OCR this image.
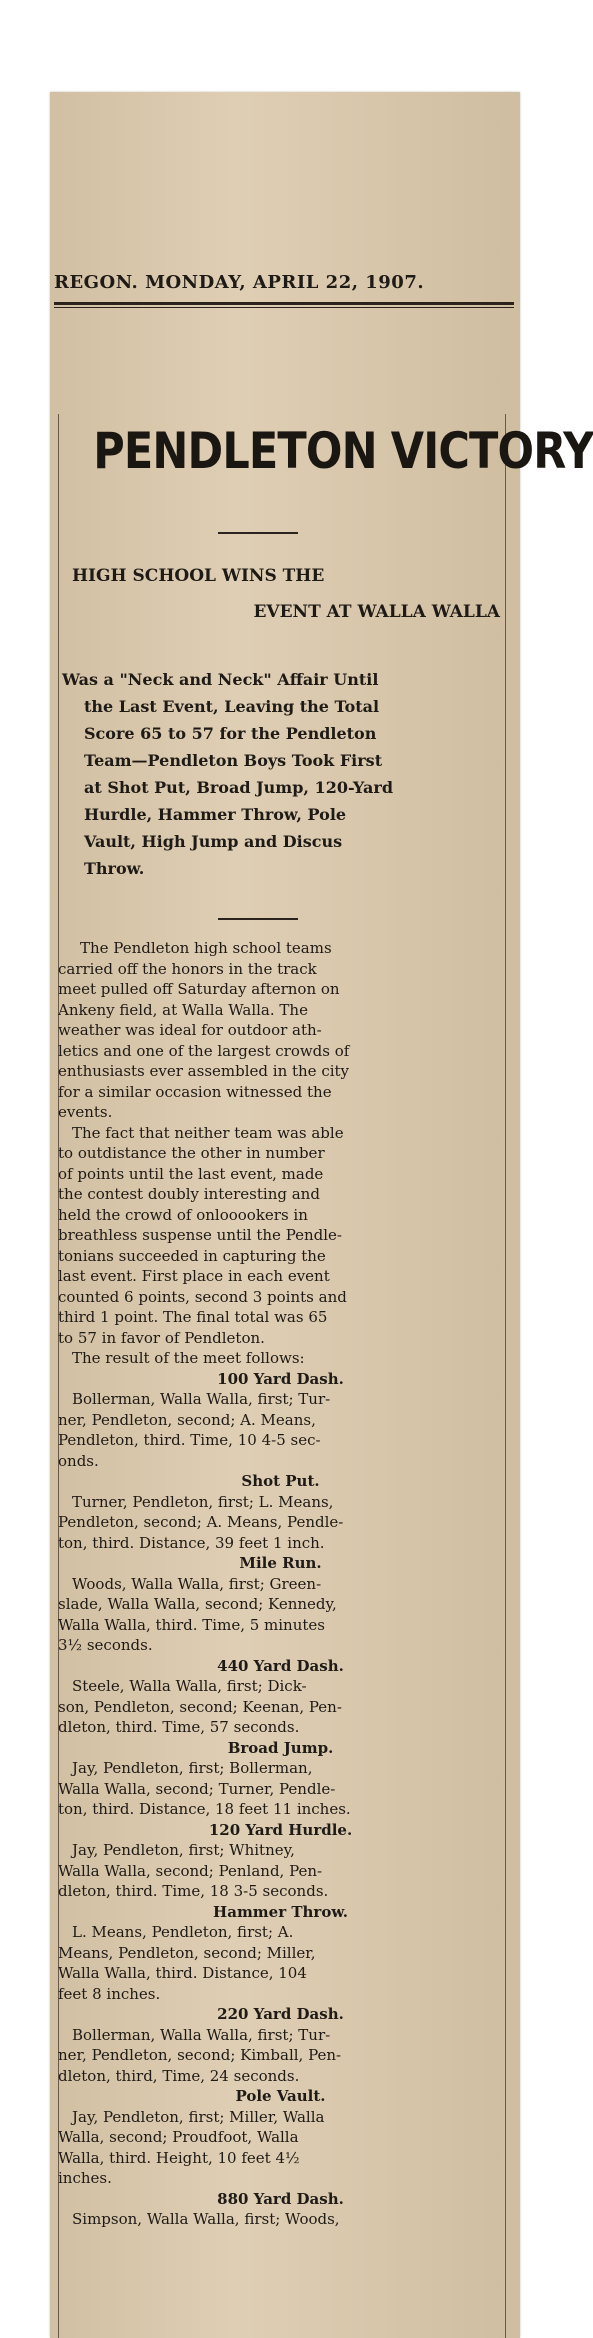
REGON. MONDAY, APRIL 22, 1907.
PENDLETON VICTORY
HIGH SCHOOL WINS THE
EVENT AT WALLA WALLA
Was a "Neck and Neck" Affair Until
the Last Event, Leaving the Total
Score 65 to 57 for the Pendleton
Team—Pendleton Boys Took First
at Shot Put, Broad Jump, 120-Yard
Hurdle, Hammer Throw, Pole
Vault, High Jump and Discus
Throw.
The Pendleton high school teams
carried off the honors in the track
meet pulled off Saturday afternon on
Ankeny field, at Walla Walla. The
weather was ideal for outdoor ath-
letics and one of the largest crowds of
enthusiasts ever assembled in the city
for a similar occasion witnessed the
events.
The fact that neither team was able
to outdistance the other in number
of points until the last event, made
the contest doubly interesting and
held the crowd of onlooookers in
breathless suspense until the Pendle-
tonians succeeded in capturing the
last event. First place in each event
counted 6 points, second 3 points and
third 1 point. The final total was 65
to 57 in favor of Pendleton.
The result of the meet follows:
100 Yard Dash.
Bollerman, Walla Walla, first; Tur-
ner, Pendleton, second; A. Means,
Pendleton, third. Time, 10 4-5 sec-
onds.
Shot Put.
Turner, Pendleton, first; L. Means,
Pendleton, second; A. Means, Pendle-
ton, third. Distance, 39 feet 1 inch.
Mile Run.
Woods, Walla Walla, first; Green-
slade, Walla Walla, second; Kennedy,
Walla Walla, third. Time, 5 minutes
3½ seconds.
440 Yard Dash.
Steele, Walla Walla, first; Dick-
son, Pendleton, second; Keenan, Pen-
dleton, third. Time, 57 seconds.
Broad Jump.
Jay, Pendleton, first; Bollerman,
Walla Walla, second; Turner, Pendle-
ton, third. Distance, 18 feet 11 inches.
120 Yard Hurdle.
Jay, Pendleton, first; Whitney,
Walla Walla, second; Penland, Pen-
dleton, third. Time, 18 3-5 seconds.
Hammer Throw.
L. Means, Pendleton, first; A.
Means, Pendleton, second; Miller,
Walla Walla, third. Distance, 104
feet 8 inches.
220 Yard Dash.
Bollerman, Walla Walla, first; Tur-
ner, Pendleton, second; Kimball, Pen-
dleton, third, Time, 24 seconds.
Pole Vault.
Jay, Pendleton, first; Miller, Walla
Walla, second; Proudfoot, Walla
Walla, third. Height, 10 feet 4½
inches.
880 Yard Dash.
Simpson, Walla Walla, first; Woods,
